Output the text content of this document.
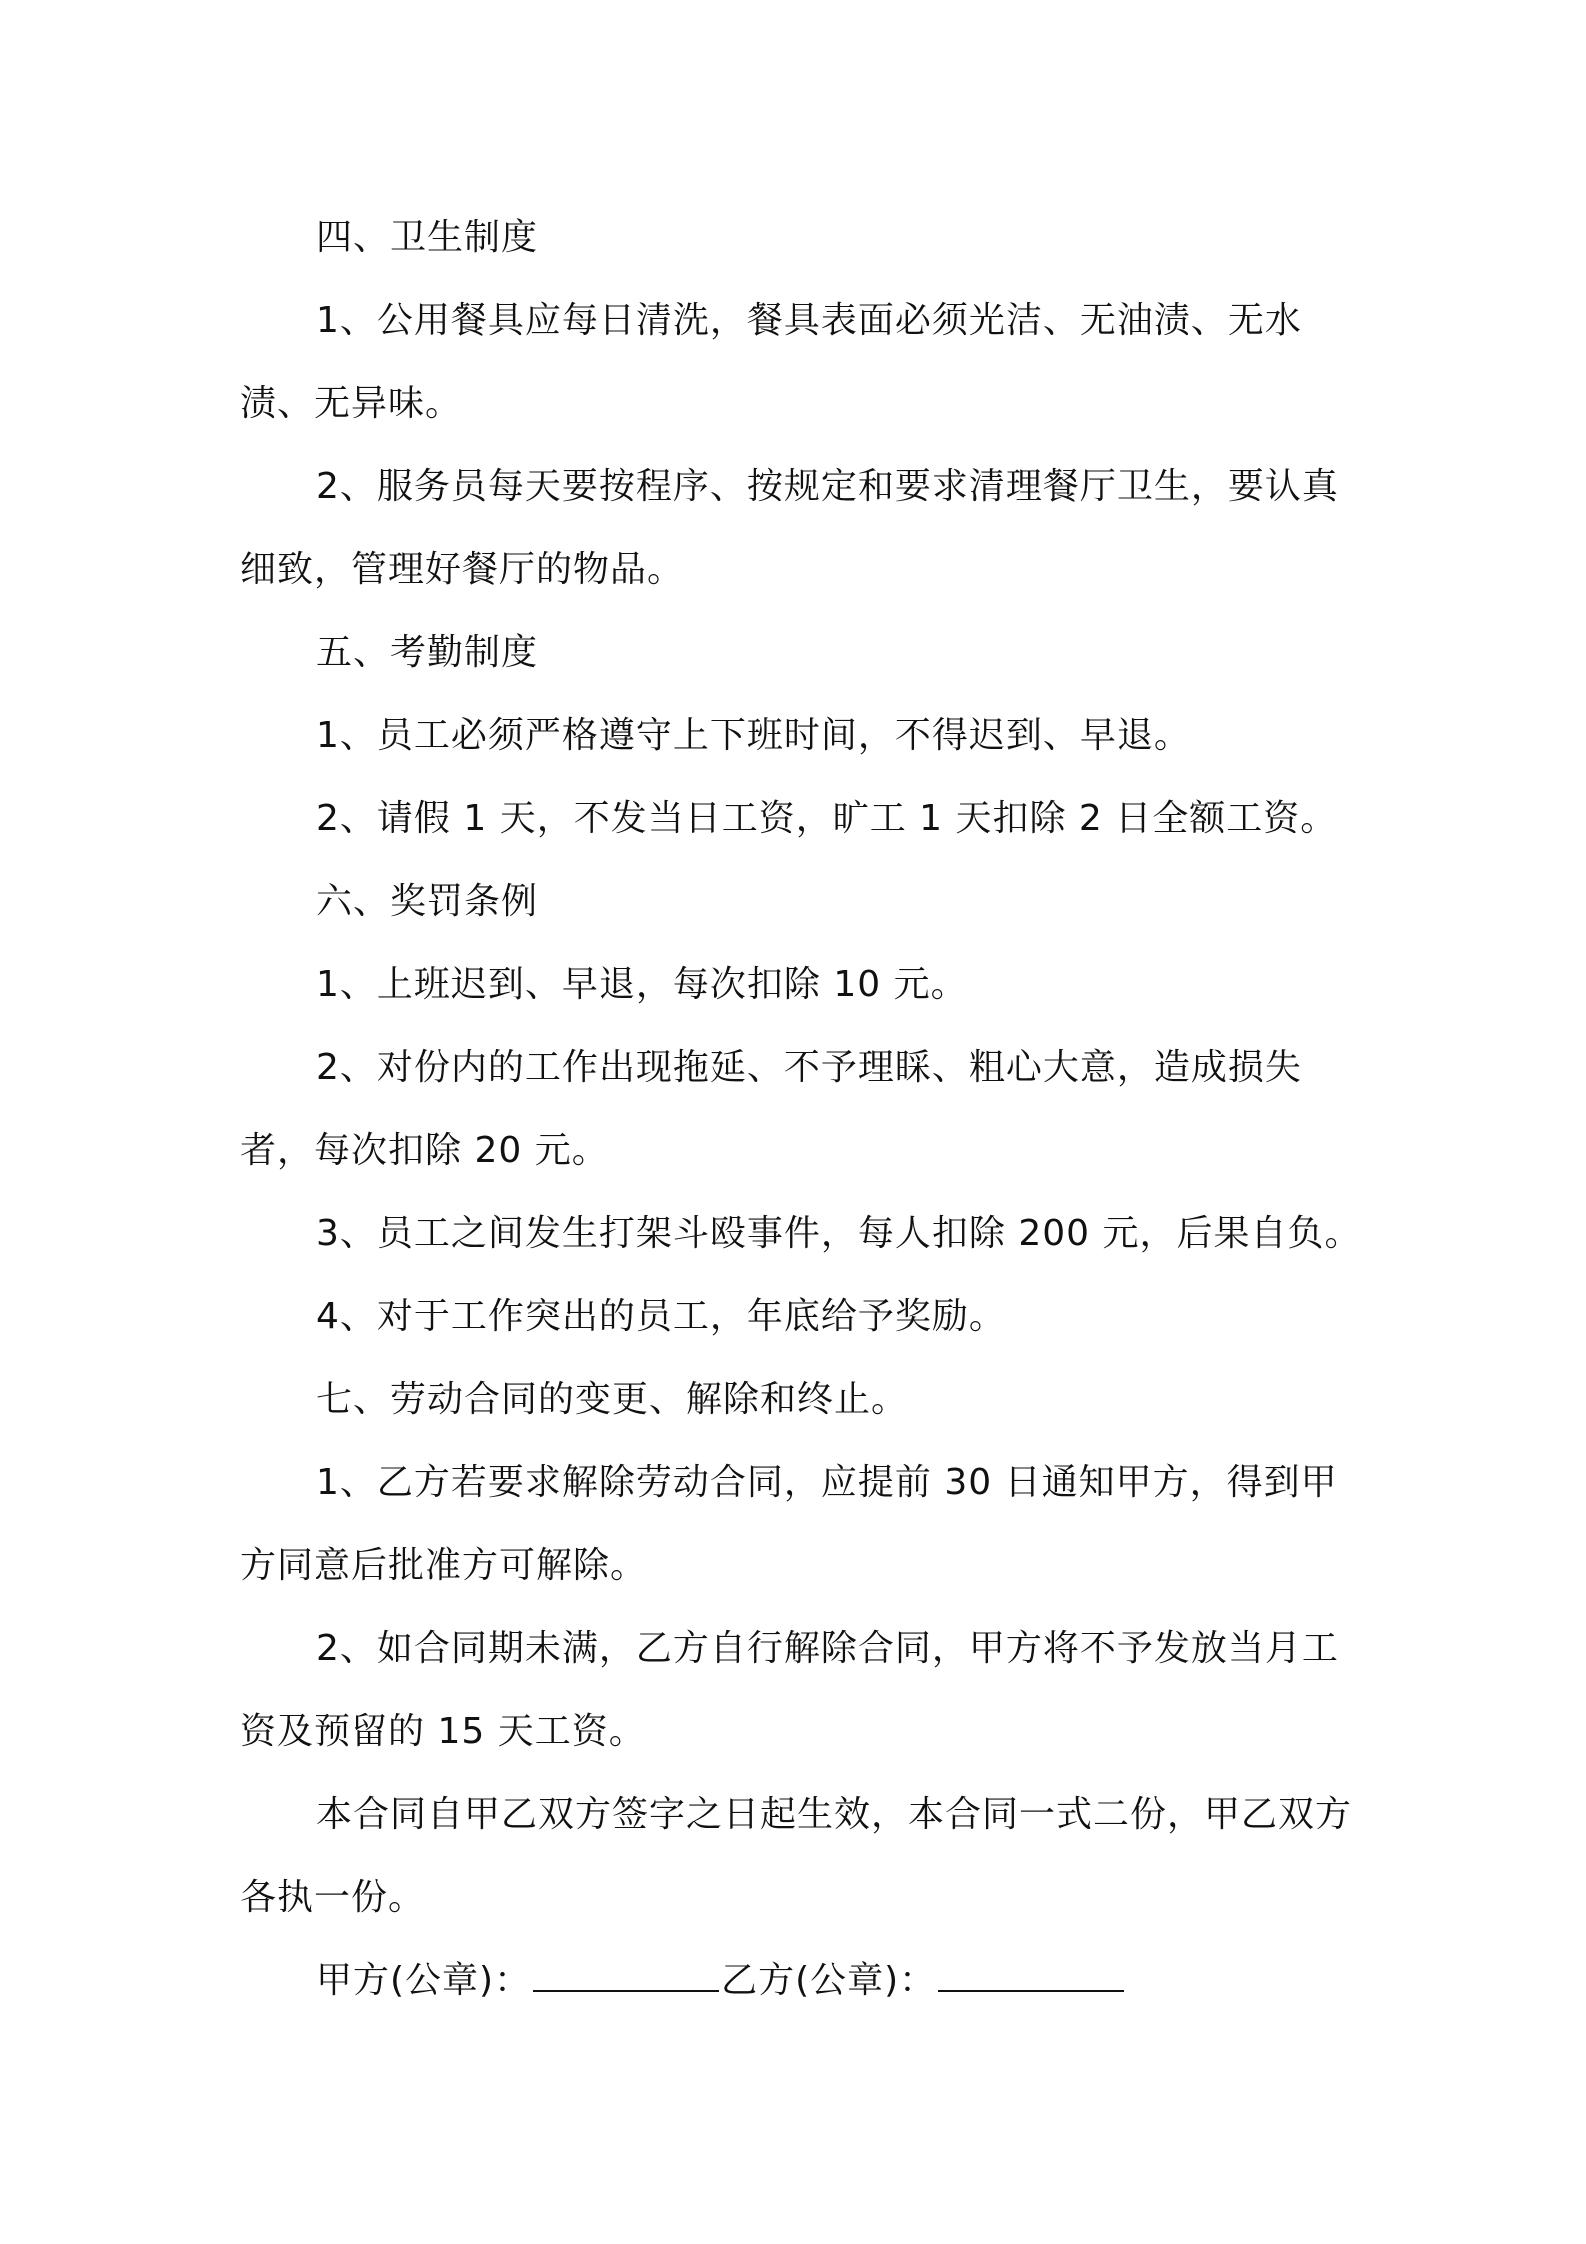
四、卫生制度

1、公用餐具应每日清洗，餐具表面必须光洁、无油渍、无水渍、无异味。

2、服务员每天要按程序、按规定和要求清理餐厅卫生，要认真细致，管理好餐厅的物品。

五、考勤制度

1、员工必须严格遵守上下班时间，不得迟到、早退。

2、请假 1 天，不发当日工资，旷工 1 天扣除 2 日全额工资。

六、奖罚条例

1、上班迟到、早退，每次扣除 10 元。

2、对份内的工作出现拖延、不予理睬、粗心大意，造成损失者，每次扣除 20 元。

3、员工之间发生打架斗殴事件，每人扣除 200 元，后果自负。

4、对于工作突出的员工，年底给予奖励。

七、劳动合同的变更、解除和终止。

1、乙方若要求解除劳动合同，应提前 30 日通知甲方，得到甲方同意后批准方可解除。

2、如合同期未满，乙方自行解除合同，甲方将不予发放当月工资及预留的 15 天工资。

本合同自甲乙双方签字之日起生效，本合同一式二份，甲乙双方各执一份。

甲方(公章)：	乙方(公章)：
